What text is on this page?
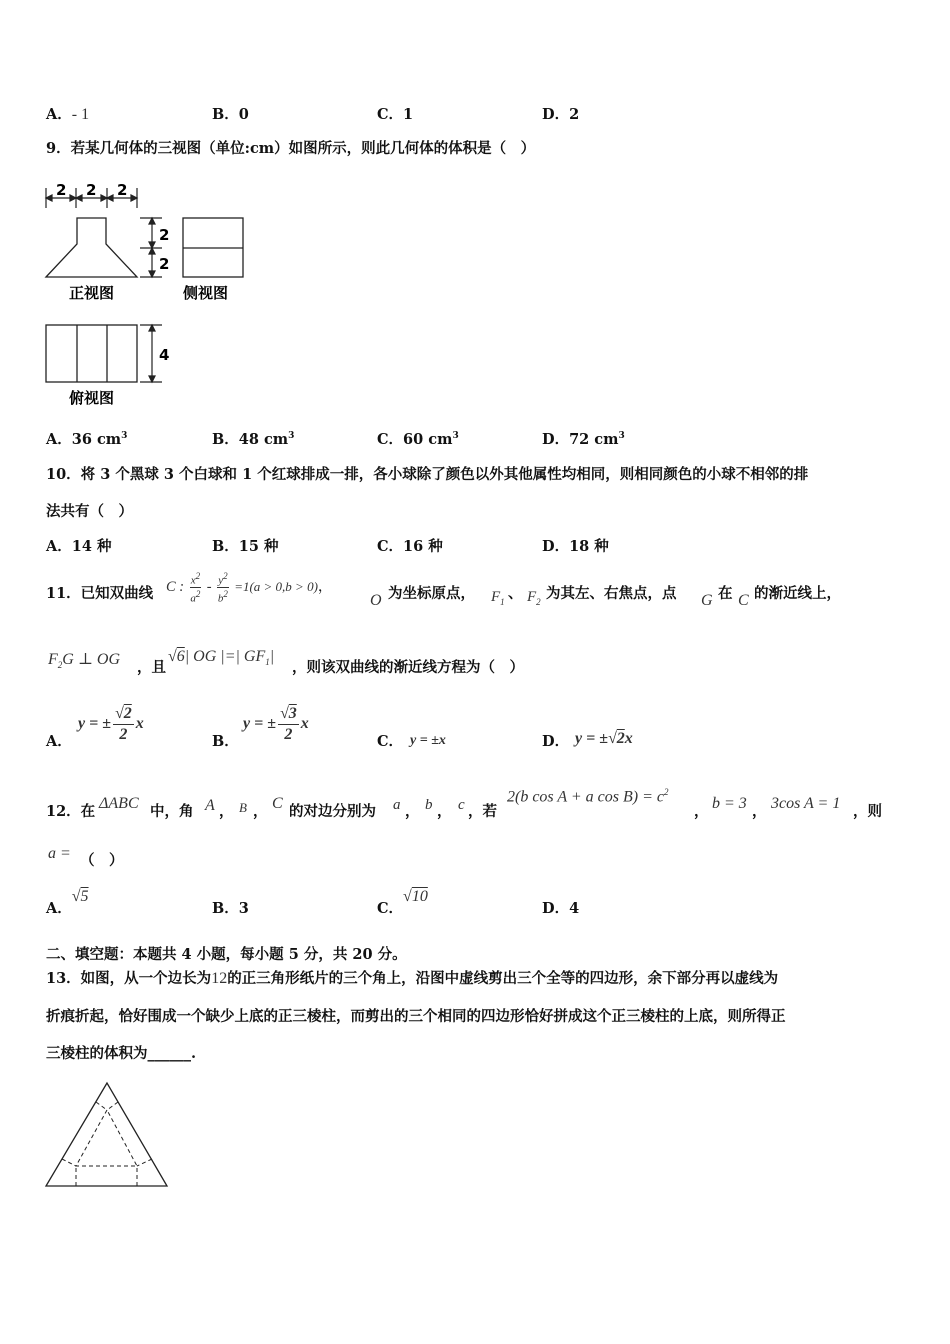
A．- 1	B．0	C．1	D．2
9．若某几何体的三视图（单位:cm）如图所示，则此几何体的体积是（　）
2 2 2
2
2
正视图	侧视图
4
俯视图
A．36 $cm^3$	B．48 $cm^3$	C．60 $cm^3$	D．72 $cm^3$
10．将 3 个黑球 3 个白球和 1 个红球排成一排，各小球除了颜色以外其他属性均相同，则相同颜色的小球不相邻的排
法共有（　）
A．14 种	B．15 种	C．16 种	D．18 种
11．已知双曲线 C : $\frac{x^2}{a^2} - \frac{y^2}{b^2} =1(a > 0,b > 0)$，
O 为坐标原点， $F_1$ 、 $F_2$ 为其左、右焦点，点 G 在 C 的渐近线上，
$F_2G$ ⊥ OG ，且
√6| OG |=| $GF_1|$
，则该双曲线的渐近线方程为（　）
A．
y = ± $\frac{√2}{2}$ x
B．
y = ± $\frac{√3}{2}$ x
C． y = ±x	D． y = ±√2x
12．在 ΔABC 中，角 A ， B ， C 的对边分别为 a ， b ， c ，若
2(b cos A + a $\cos B) = c^2$
， b = 3 ， 3cos A = 1 ，则
a = （　）
A．√5
B．3	C．√10
D．4
二、填空题：本题共 4 小题，每小题 5 分，共 20 分。
13．如图，从一个边长为12的正三角形纸片的三个角上，沿图中虚线剪出三个全等的四边形，余下部分再以虚线为
折痕折起，恰好围成一个缺少上底的正三棱柱，而剪出的三个相同的四边形恰好拼成这个正三棱柱的上底，则所得正
三棱柱的体积为______.
